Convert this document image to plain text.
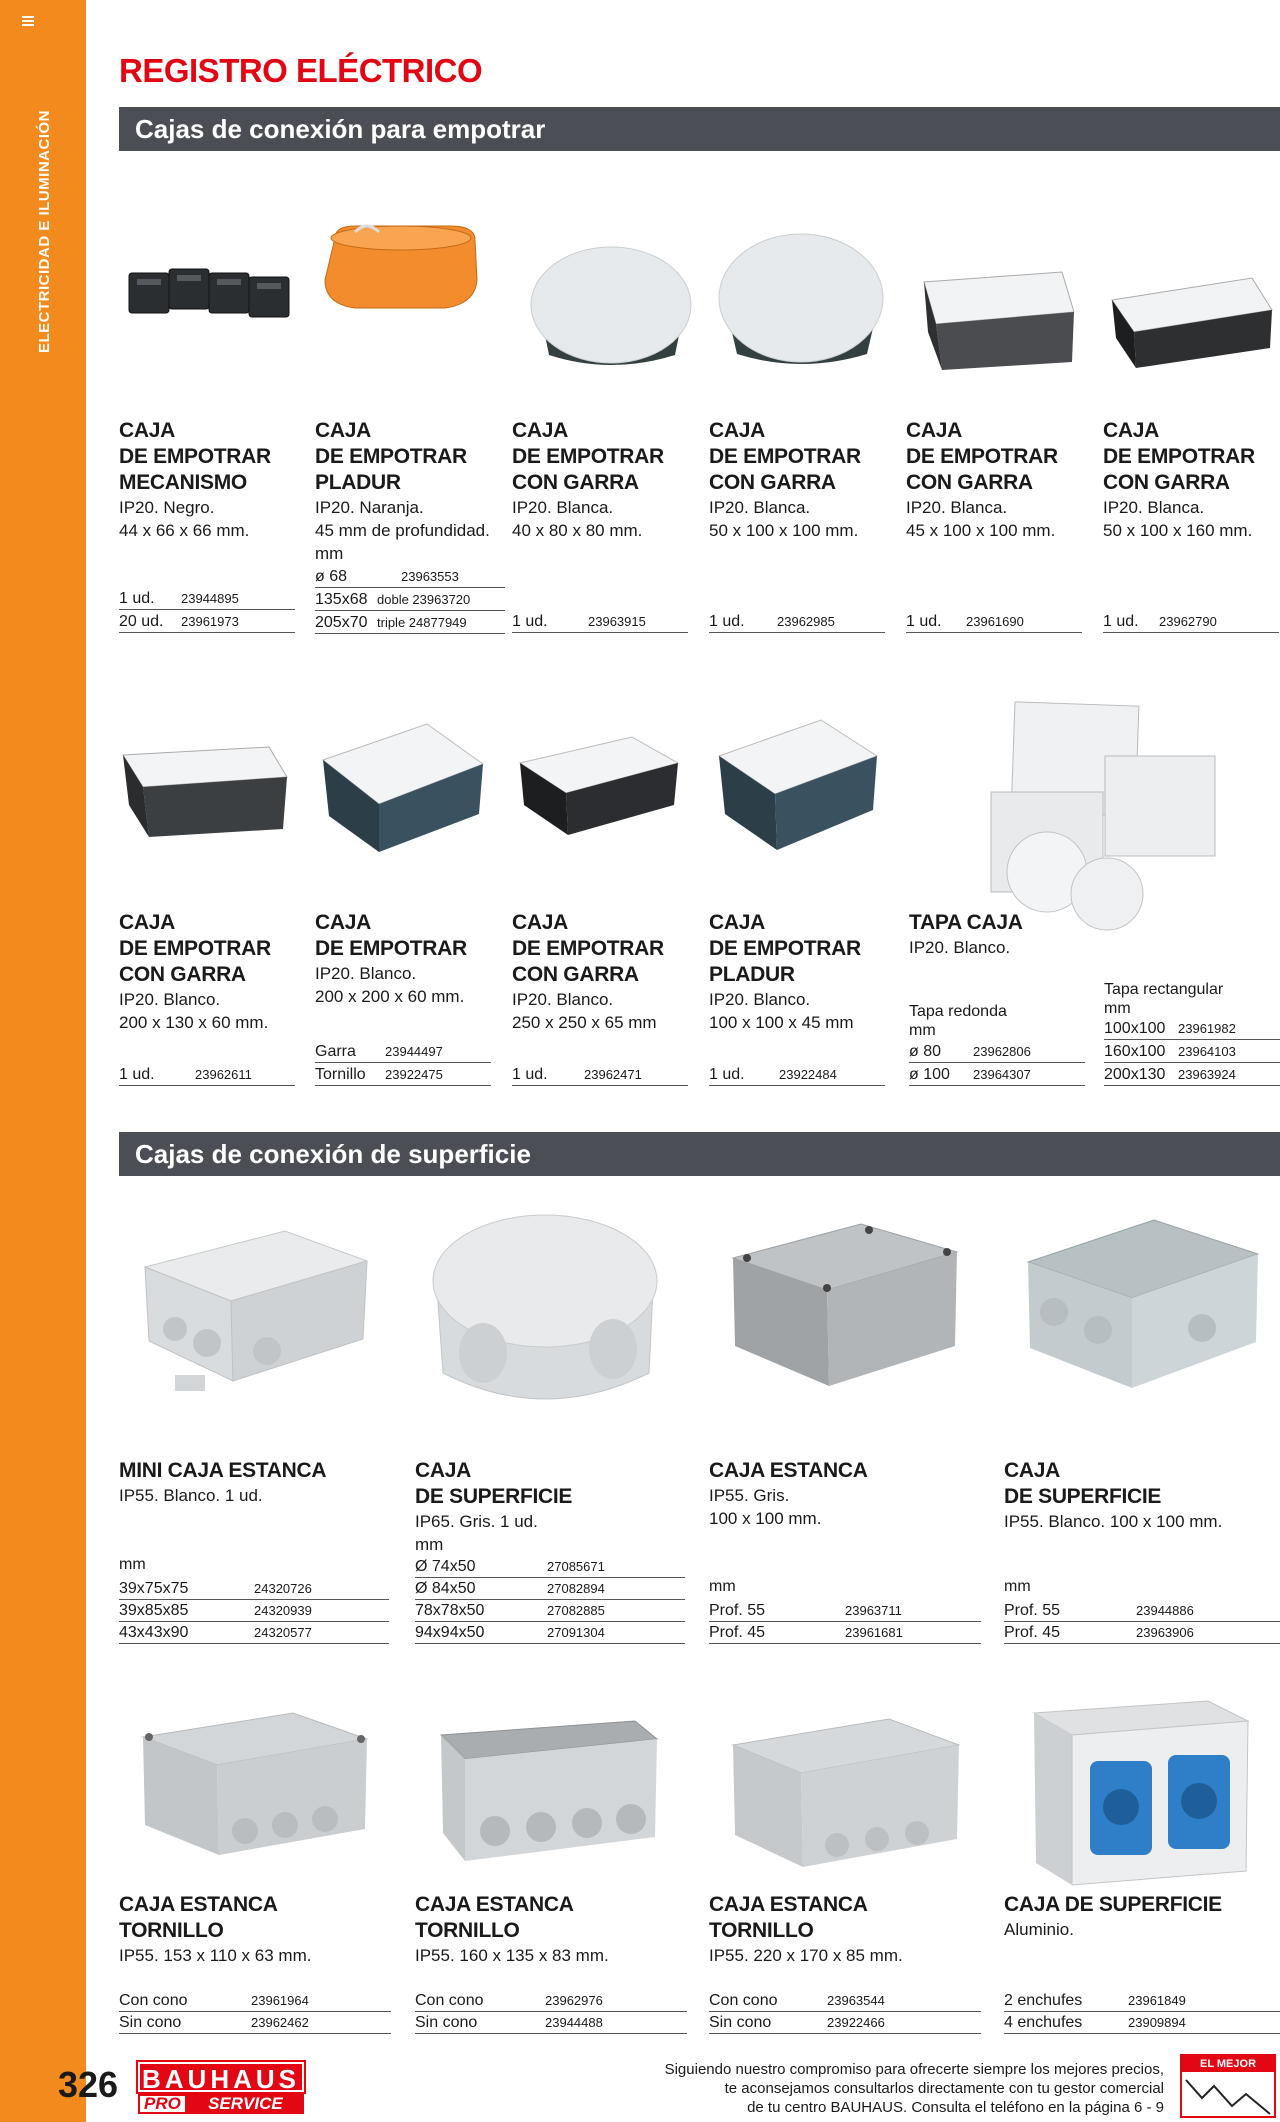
ELECTRICIDAD E ILUMINACIÓN
REGISTRO ELÉCTRICO
Cajas de conexión para empotrar
CAJA
DE EMPOTRAR
MECANISMO
IP20. Negro.
44 x 66 x 66 mm.
1 ud.	23944895
20 ud.	23961973
CAJA
DE EMPOTRAR
PLADUR
IP20. Naranja.
45 mm de profundidad.
mm
ø 68	23963553
135x68 doble 23963720
205x70 triple 24877949
CAJA
DE EMPOTRAR
CON GARRA
IP20. Blanca.
40 x 80 x 80 mm.
1 ud.	23963915
CAJA
DE EMPOTRAR
CON GARRA
IP20. Blanca.
50 x 100 x 100 mm.
1 ud.	23962985
CAJA
DE EMPOTRAR
CON GARRA
IP20. Blanca.
45 x 100 x 100 mm.
1 ud.	23961690
CAJA
DE EMPOTRAR
CON GARRA
IP20. Blanca.
50 x 100 x 160 mm.
1 ud.	23962790
CAJA
DE EMPOTRAR
CON GARRA
IP20. Blanco.
200 x 130 x 60 mm.
1 ud.	23962611
CAJA
DE EMPOTRAR
IP20. Blanco.
200 x 200 x 60 mm.
Garra	23944497
Tornillo	23922475
CAJA
DE EMPOTRAR
CON GARRA
IP20. Blanco.
250 x 250 x 65 mm
1 ud.	23962471
CAJA
DE EMPOTRAR
PLADUR
IP20. Blanco.
100 x 100 x 45 mm
1 ud.	23922484
TAPA CAJA
IP20. Blanco.
Tapa redonda
mm
ø 80	23962806
ø 100	23964307
Tapa rectangular
mm
100x100 23961982
160x100 23964103
200x130 23963924
Cajas de conexión de superficie
MINI CAJA ESTANCA
IP55. Blanco. 1 ud.
mm
39x75x75	24320726
39x85x85	24320939
43x43x90	24320577
CAJA
DE SUPERFICIE
IP65. Gris. 1 ud.
mm
Ø 74x50	27085671
Ø 84x50	27082894
78x78x50	27082885
94x94x50	27091304
CAJA ESTANCA
IP55. Gris.
100 x 100 mm.
mm
Prof. 55	23963711
Prof. 45	23961681
CAJA
DE SUPERFICIE
IP55. Blanco. 100 x 100 mm.
mm
Prof. 55	23944886
Prof. 45	23963906
CAJA ESTANCA
TORNILLO
IP55. 153 x 110 x 63 mm.
Con cono	23961964
Sin cono	23962462
CAJA ESTANCA
TORNILLO
IP55. 160 x 135 x 83 mm.
Con cono	23962976
Sin cono	23944488
CAJA ESTANCA
TORNILLO
IP55. 220 x 170 x 85 mm.
Con cono	23963544
Sin cono	23922466
CAJA DE SUPERFICIE
Aluminio.
2 enchufes	23961849
4 enchufes	23909894
326 BAUHAUS
PRO	SERVICE
Siguiendo nuestro compromiso para ofrecerte siempre los mejores precios,
te aconsejamos consultarlos directamente con tu gestor comercial
de tu centro BAUHAUS. Consulta el teléfono en la página 6 - 9
EL MEJOR PRECIO
